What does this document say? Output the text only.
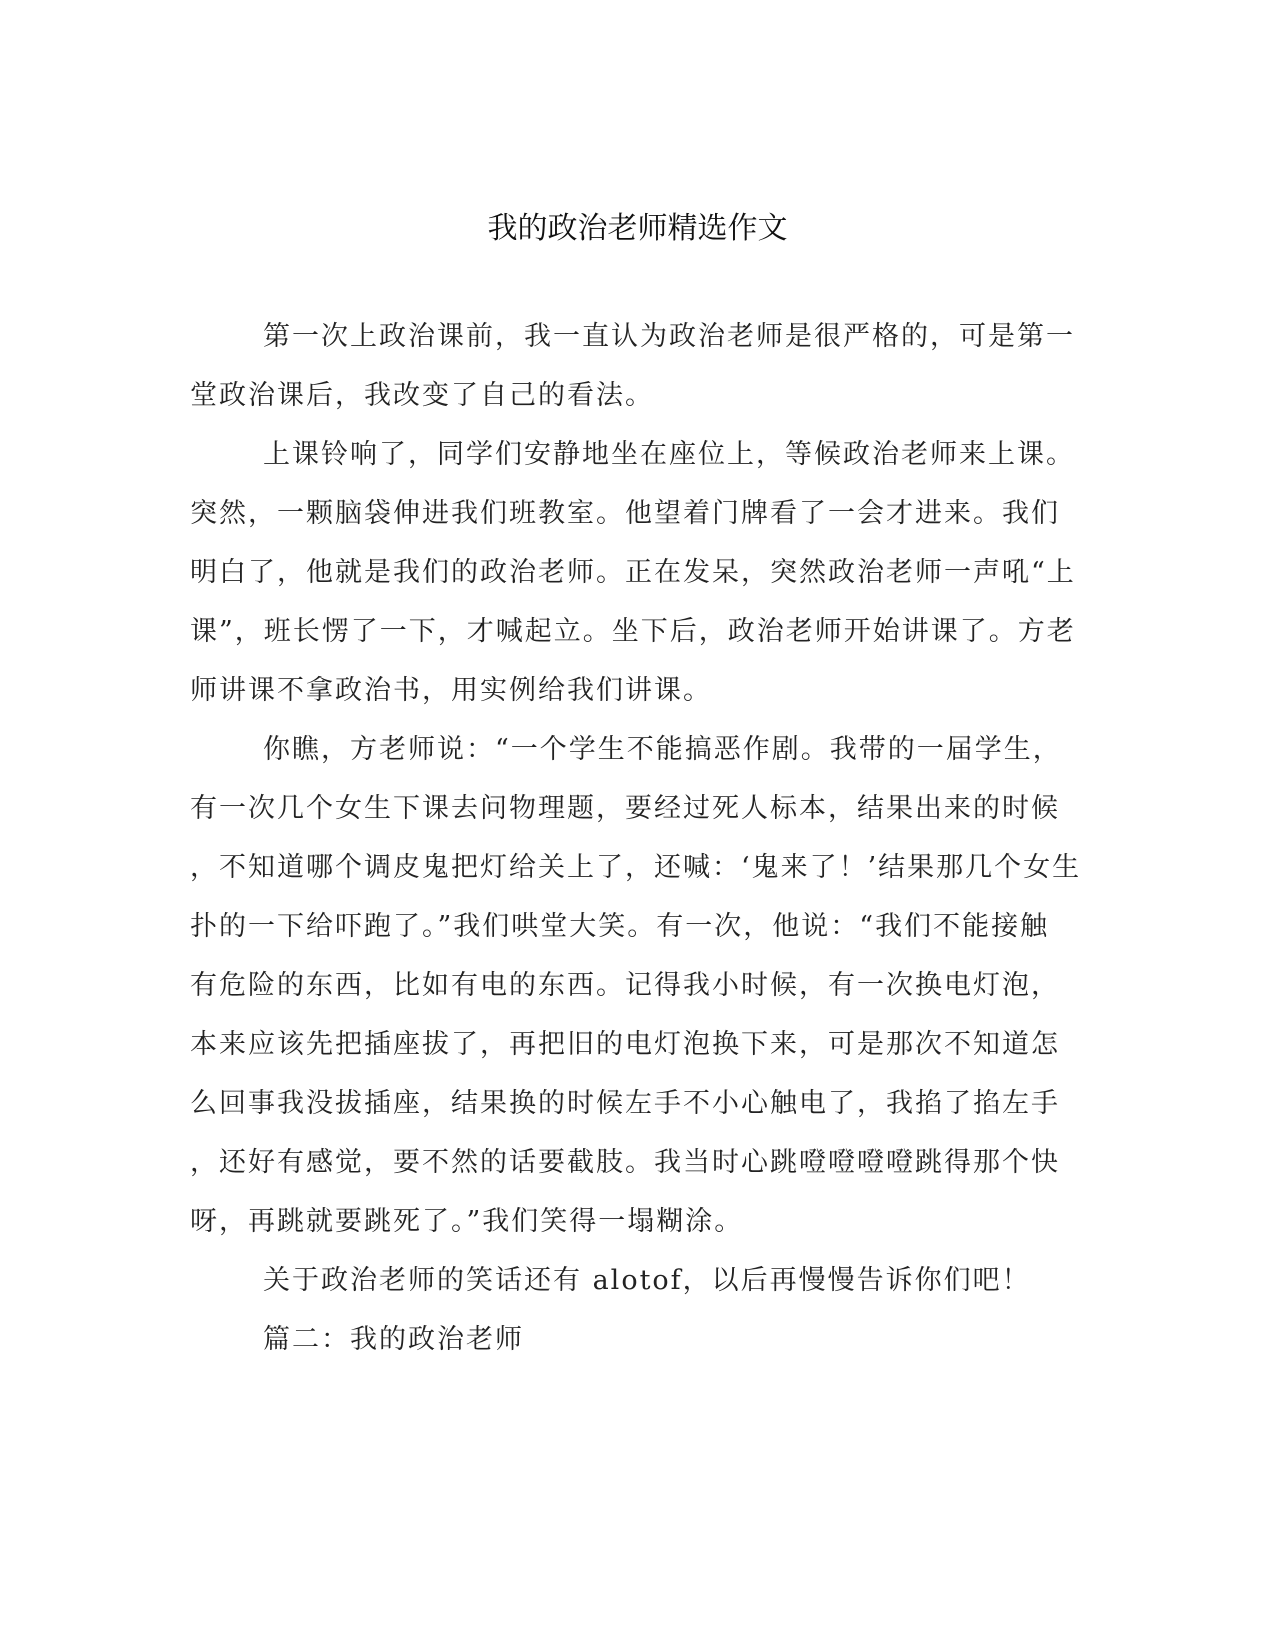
我的政治老师精选作文
第一次上政治课前，我一直认为政治老师是很严格的，可是第一
堂政治课后，我改变了自己的看法。
上课铃响了，同学们安静地坐在座位上，等候政治老师来上课。
突然，一颗脑袋伸进我们班教室。他望着门牌看了一会才进来。我们
明白了，他就是我们的政治老师。正在发呆，突然政治老师一声吼“上
课”，班长愣了一下，才喊起立。坐下后，政治老师开始讲课了。方老
师讲课不拿政治书，用实例给我们讲课。
你瞧，方老师说：“一个学生不能搞恶作剧。我带的一届学生，
有一次几个女生下课去问物理题，要经过死人标本，结果出来的时候
，不知道哪个调皮鬼把灯给关上了，还喊：‘鬼来了！’结果那几个女生
扑的一下给吓跑了。”我们哄堂大笑。有一次，他说：“我们不能接触
有危险的东西，比如有电的东西。记得我小时候，有一次换电灯泡，
本来应该先把插座拔了，再把旧的电灯泡换下来，可是那次不知道怎
么回事我没拔插座，结果换的时候左手不小心触电了，我掐了掐左手
，还好有感觉，要不然的话要截肢。我当时心跳噔噔噔噔跳得那个快
呀，再跳就要跳死了。”我们笑得一塌糊涂。
关于政治老师的笑话还有 alotof，以后再慢慢告诉你们吧！
篇二：我的政治老师
